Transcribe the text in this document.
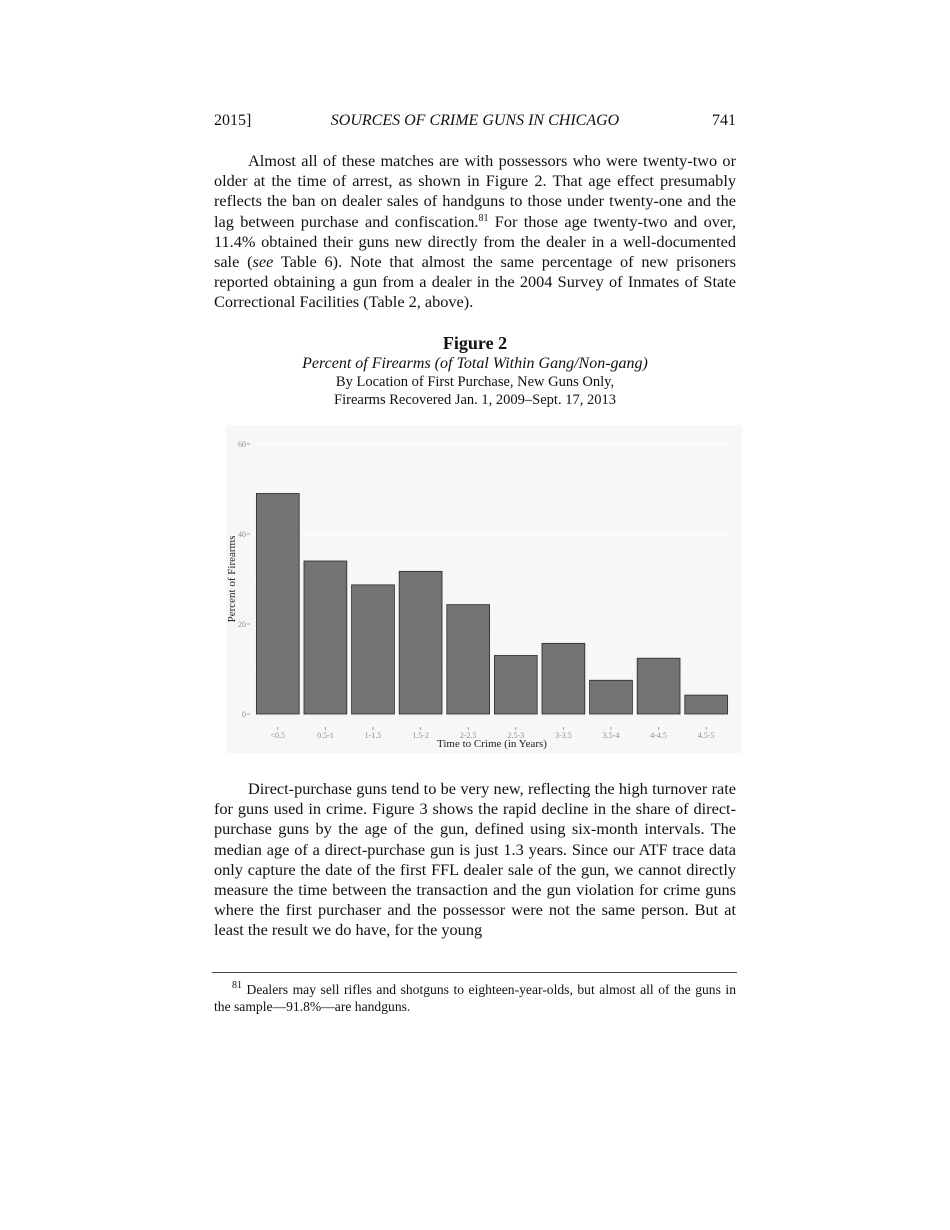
2015]	SOURCES OF CRIME GUNS IN CHICAGO	741

Almost all of these matches are with possessors who were twenty-two or older at the time of arrest, as shown in Figure 2. That age effect presumably reflects the ban on dealer sales of handguns to those under twenty-one and the lag between purchase and confiscation.$^{81}$ For those age twenty-two and over, 11.4% obtained their guns new directly from the dealer in a well-documented sale (see Table 6). Note that almost the same percentage of new prisoners reported obtaining a gun from a dealer in the 2004 Survey of Inmates of State Correctional Facilities (Table 2, above).

Figure 2
Percent of Firearms (of Total Within Gang/Non-gang)
By Location of First Purchase, New Guns Only,
Firearms Recovered Jan. 1, 2009–Sept. 17, 2013
0
20
40
60
<0.5	0.5-1	1-1.5	1.5-2	2-2.5	2.5-3	3-3.5	3.5-4	4-4.5	4.5-5
Time to Crime (in Years)
Percent of Firearms

Direct-purchase guns tend to be very new, reflecting the high turnover rate for guns used in crime. Figure 3 shows the rapid decline in the share of direct-purchase guns by the age of the gun, defined using six-month intervals. The median age of a direct-purchase gun is just 1.3 years. Since our ATF trace data only capture the date of the first FFL dealer sale of the gun, we cannot directly measure the time between the transaction and the gun violation for crime guns where the first purchaser and the possessor were not the same person. But at least the result we do have, for the young

$^{81}$ Dealers may sell rifles and shotguns to eighteen-year-olds, but almost all of the guns in the sample—91.8%—are handguns.
